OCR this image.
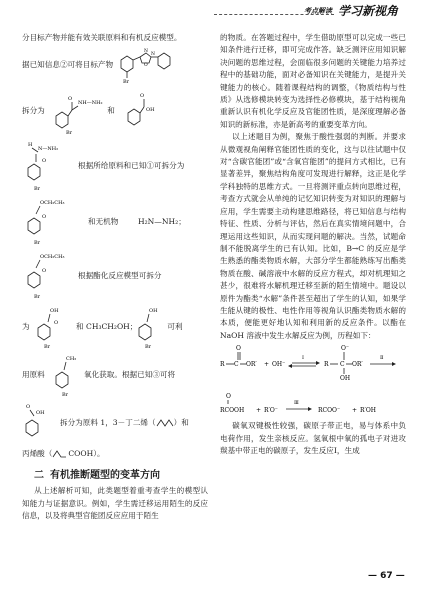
考点解读 学习新视角

分目标产物并能有效关联原料和有机反应模型。

据已知信息②可将目标产物
Br
O
N
N
拆分为
O
NH—NH₂
Br
和
O
OH
H
N—NH₂
O
Br
根据所给原料和已知①可拆分为
OCH₂CH₃
O
Br
和无机物	H₂N—NH₂；
OCH₂CH₃
O
Br
根据酯化反应模型可拆分
为
OH
O
Br
和 CH₃CH₂OH；
OH
Br
可利
用原料
CH₃
Br
氧化获取。根据已知③可将
O
OH
拆分为原料 1，3－丁二烯（ ）和
丙烯酸（ COOH）。
二 有机推断题型的变革方向

从上述解析可知，此类题型着重考查学生的模型认知能力与证据意识。例如，学生需迁移运用陌生的反应信息，以及将典型官能团反应应用于陌生

的物质。在答题过程中，学生借助原型可以完成一些已知条件进行迁移，即可完成作答。缺乏测评应用知识解决问题的思维过程，会面临很多问题的关键能力培养过程中的基础功能，面对必备知识在关键能力，是提升关键能力的核心。随着课程结构的调整，《物质结构与性质》从选修模块转变为选择性必修模块，基于结构视角重新认识有机化学反应及官能团性质，是深度理解必备知识的新标准，亦是新高考的重要变革方向。

以上述题目为例，聚焦于酸性强弱的判断。并要求从微观视角阐释官能团性质的变化，这与以往试题中仅对“含碳官能团”或“含氧官能团”的提问方式相比，已有显著差异，聚焦结构角度可发现进行解释，这正是化学学科独特的思维方式。一旦将测评重点转向思维过程，考查方式就会从单纯的记忆知识转变为对知识的理解与应用，学生需要主动构建思维路径，将已知信息与结构特征、性质、分析与评估，然后在真实情境问题中，合理运用这些知识，从而实现问题的解决。当然，试题命制不能脱离学生的已有认知。比如，B→C 的反应是学生熟悉的酯类物质水解，大部分学生都能熟练写出酯类物质在酸、碱溶液中水解的反应方程式，却对机理知之甚少，很难将水解机理迁移至新的陌生情境中。题设以原件为酯类“水解”条件甚至超出了学生的认知，如果学生能从键的极性、电性作用等视角认识酯类物质水解的本质，便能更好地认知和利用新的反应条件。以酯在 NaOH 溶液中发生水解反应为例，历程如下：

O
R C OR′ + OH⁻
Ⅰ
O⁻
R C OR′
OH
Ⅱ
O
RCOOH + R′O⁻
Ⅲ
RCOO⁻ + R′OH

碳氧双键极性较强，碳原子带正电，易与体系中负电荷作用，发生亲核反应。氢氧根中氧的孤电子对进攻羰基中带正电的碳原子，发生反应Ⅰ，生成

— 67 —
